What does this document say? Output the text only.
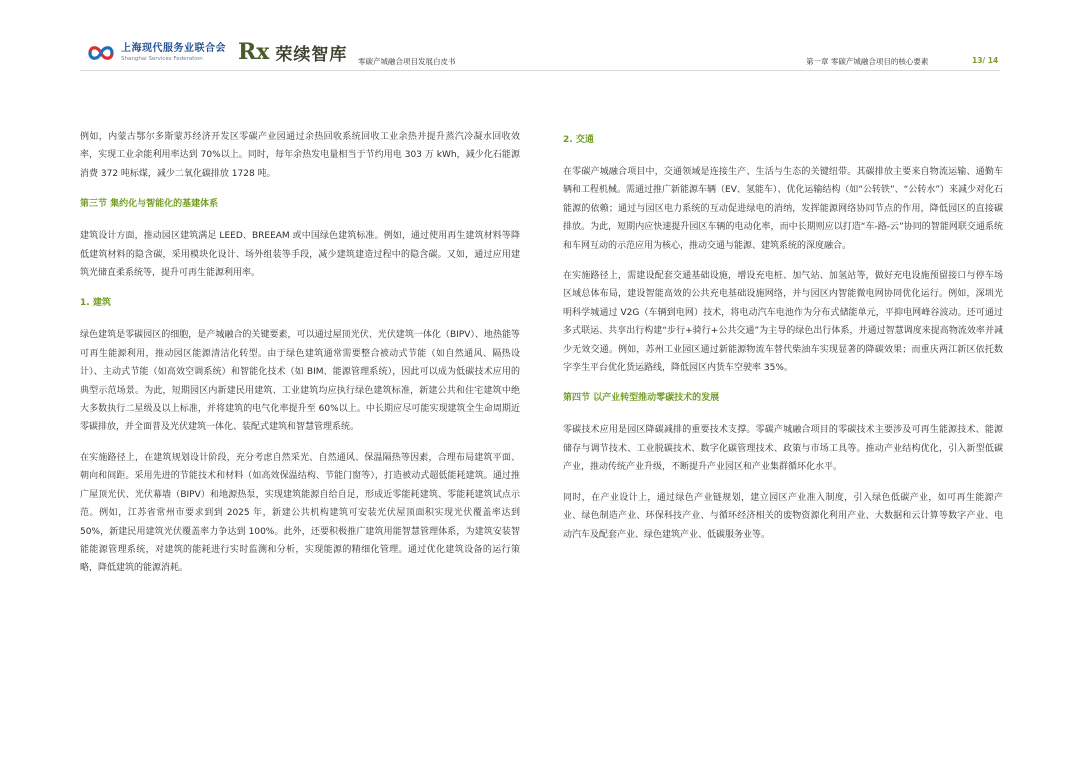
上海现代服务业联合会
Shanghai Services Federation	Rx 荣续智库 零碳产城融合项目发展白皮书	第一章 零碳产城融合项目的核心要素	13/ 14

例如，内蒙古鄂尔多斯蒙苏经济开发区零碳产业园通过余热回收系统回收工业余热并提升蒸汽冷凝水回收效率，实现工业余能利用率达到 70%以上。同时，每年余热发电量相当于节约用电 303 万 kWh，减少化石能源消费 372 吨标煤，减少二氧化碳排放 1728 吨。

第三节 集约化与智能化的基建体系

建筑设计方面，推动园区建筑满足 LEED、BREEAM 或中国绿色建筑标准。例如，通过使用再生建筑材料等降低建筑材料的隐含碳，采用模块化设计、场外组装等手段，减少建筑建造过程中的隐含碳。又如，通过应用建筑光储直柔系统等，提升可再生能源利用率。

1. 建筑

绿色建筑是零碳园区的细胞，是产城融合的关键要素，可以通过屋顶光伏、光伏建筑一体化（BIPV）、地热能等可再生能源利用，推动园区能源清洁化转型。由于绿色建筑通常需要整合被动式节能（如自然通风、隔热设计）、主动式节能（如高效空调系统）和智能化技术（如 BIM、能源管理系统），因此可以成为低碳技术应用的典型示范场景。为此，短期园区内新建民用建筑、工业建筑均应执行绿色建筑标准，新建公共和住宅建筑中绝大多数执行二星级及以上标准，并将建筑的电气化率提升至 60%以上。中长期应尽可能实现建筑全生命周期近零碳排放，并全面普及光伏建筑一体化、装配式建筑和智慧管理系统。

在实施路径上，在建筑规划设计阶段，充分考虑自然采光、自然通风、保温隔热等因素，合理布局建筑平面、朝向和间距。采用先进的节能技术和材料（如高效保温结构、节能门窗等），打造被动式超低能耗建筑。通过推广屋顶光伏、光伏幕墙（BIPV）和地源热泵，实现建筑能源自给自足，形成近零能耗建筑、零能耗建筑试点示范。例如，江苏省常州市要求到到 2025 年，新建公共机构建筑可安装光伏屋顶面积实现光伏覆盖率达到 50%，新建民用建筑光伏覆盖率力争达到 100%。此外，还要积极推广建筑用能智慧管理体系，为建筑安装智能能源管理系统，对建筑的能耗进行实时监测和分析，实现能源的精细化管理。通过优化建筑设备的运行策略，降低建筑的能源消耗。

2. 交通

在零碳产城融合项目中，交通领域是连接生产、生活与生态的关键纽带。其碳排放主要来自物流运输、通勤车辆和工程机械。需通过推广新能源车辆（EV、氢能车）、优化运输结构（如“公转铁”、“公转水”）来减少对化石能源的依赖；通过与园区电力系统的互动促进绿电的消纳，发挥能源网络协同节点的作用，降低园区的直接碳排放。为此，短期内应快速提升园区车辆的电动化率，而中长期则应以打造“车-路-云”协同的智能网联交通系统和车网互动的示范应用为核心，推动交通与能源、建筑系统的深度融合。

在实施路径上，需建设配套交通基础设施，增设充电桩、加气站、加氢站等，做好充电设施预留接口与停车场区域总体布局，建设智能高效的公共充电基础设施网络，并与园区内智能微电网协同优化运行。例如，深圳光明科学城通过 V2G（车辆到电网）技术，将电动汽车电池作为分布式储能单元，平抑电网峰谷波动。还可通过多式联运、共享出行构建“步行+骑行+公共交通”为主导的绿色出行体系，并通过智慧调度来提高物流效率并减少无效交通。例如，苏州工业园区通过新能源物流车替代柴油车实现显著的降碳效果；而重庆两江新区依托数字孪生平台优化货运路线，降低园区内货车空驶率 35%。

第四节 以产业转型推动零碳技术的发展

零碳技术应用是园区降碳减排的重要技术支撑。零碳产城融合项目的零碳技术主要涉及可再生能源技术、能源储存与调节技术、工业脱碳技术、数字化碳管理技术、政策与市场工具等。推动产业结构优化，引入新型低碳产业，推动传统产业升级，不断提升产业园区和产业集群循环化水平。

同时，在产业设计上，通过绿色产业链规划，建立园区产业准入制度，引入绿色低碳产业，如可再生能源产业、绿色制造产业、环保科技产业、与循环经济相关的废物资源化利用产业、大数据和云计算等数字产业、电动汽车及配套产业、绿色建筑产业、低碳服务业等。
